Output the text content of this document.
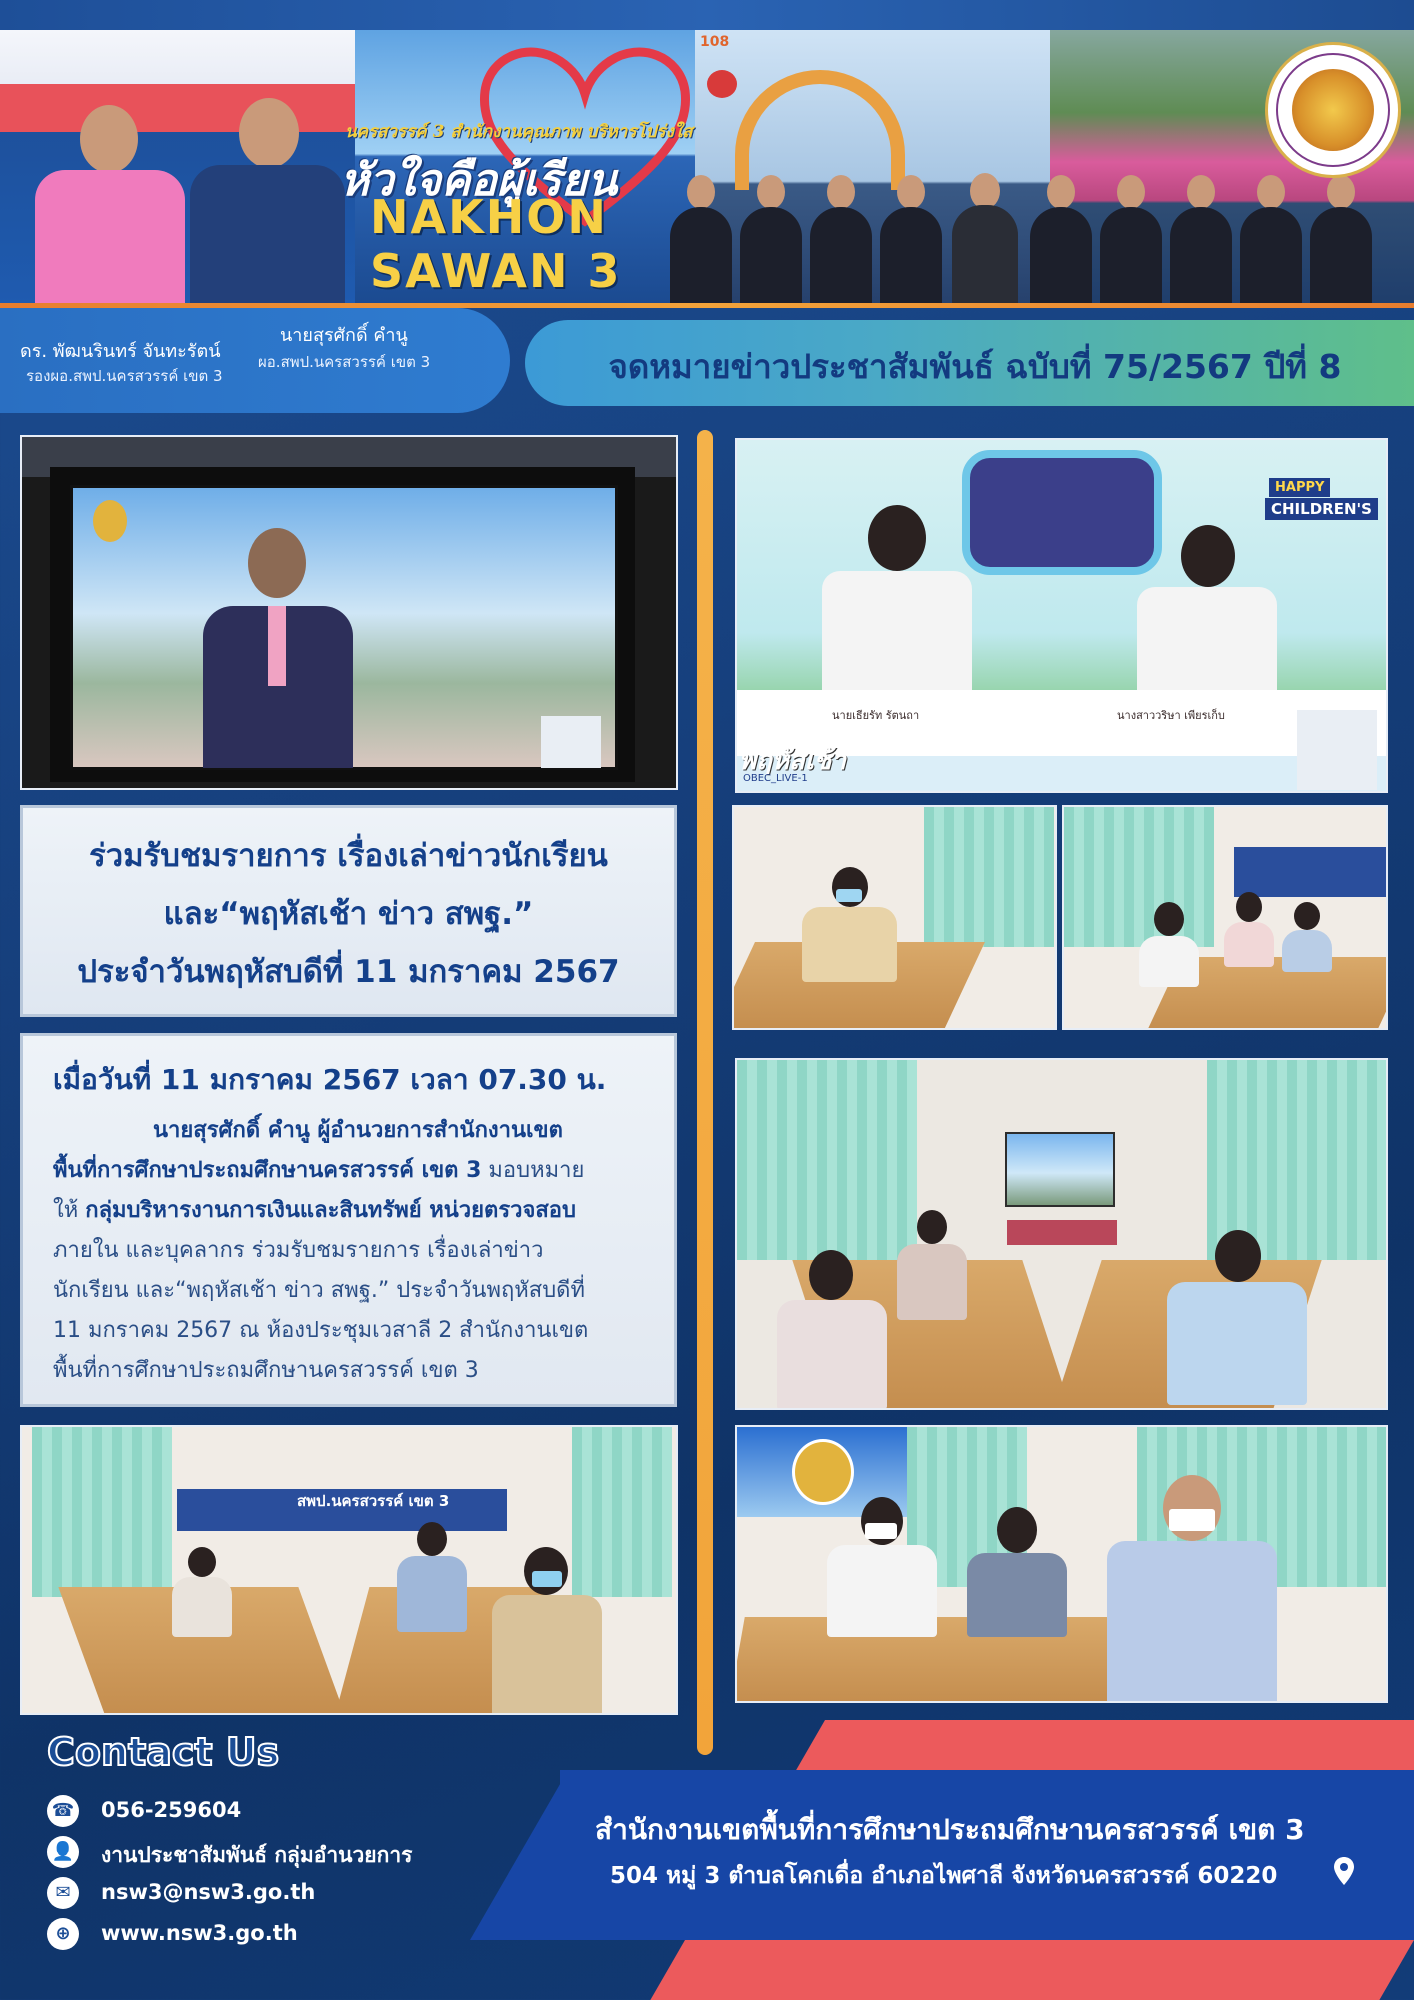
นครสวรรค์ 3 สำนักงานคุณภาพ บริหารโปร่งใส
หัวใจคือผู้เรียน
NAKHON
SAWAN 3
108
ดร. พัฒนรินทร์ จันทะรัตน์
รองผอ.สพป.นครสวรรค์ เขต 3
นายสุรศักดิ์ คำนู
ผอ.สพป.นครสวรรค์ เขต 3	จดหมายข่าวประชาสัมพันธ์ ฉบับที่ 75/2567 ปีที่ 8
ร่วมรับชมรายการ เรื่องเล่าข่าวนักเรียน
และ“พฤหัสเช้า ข่าว สพฐ.”
ประจำวันพฤหัสบดีที่ 11 มกราคม 2567
เมื่อวันที่ 11 มกราคม 2567 เวลา 07.30 น.
นายสุรศักดิ์ คำนู ผู้อำนวยการสำนักงานเขต
พื้นที่การศึกษาประถมศึกษานครสวรรค์ เขต 3 มอบหมาย
ให้ กลุ่มบริหารงานการเงินและสินทรัพย์ หน่วยตรวจสอบ
ภายใน และบุคลากร ร่วมรับชมรายการ เรื่องเล่าข่าว
นักเรียน และ“พฤหัสเช้า ข่าว สพฐ.” ประจำวันพฤหัสบดีที่
11 มกราคม 2567 ณ ห้องประชุมเวสาลี 2 สำนักงานเขต
พื้นที่การศึกษาประถมศึกษานครสวรรค์ เขต 3
สพป.นครสวรรค์ เขต 3
HAPPY
CHILDREN'S
นายเธียรัท รัตนถา	นางสาววริษา เพียรเก็บ
พฤหัสเช้า
OBEC_LIVE-1
Contact Us
☎ 056-259604
👤 งานประชาสัมพันธ์ กลุ่มอำนวยการ
✉	nsw3@nsw3.go.th
⊕	www.nsw3.go.th
สำนักงานเขตพื้นที่การศึกษาประถมศึกษานครสวรรค์ เขต 3
504 หมู่ 3 ตำบลโคกเดื่อ อำเภอไพศาลี จังหวัดนครสวรรค์ 60220
